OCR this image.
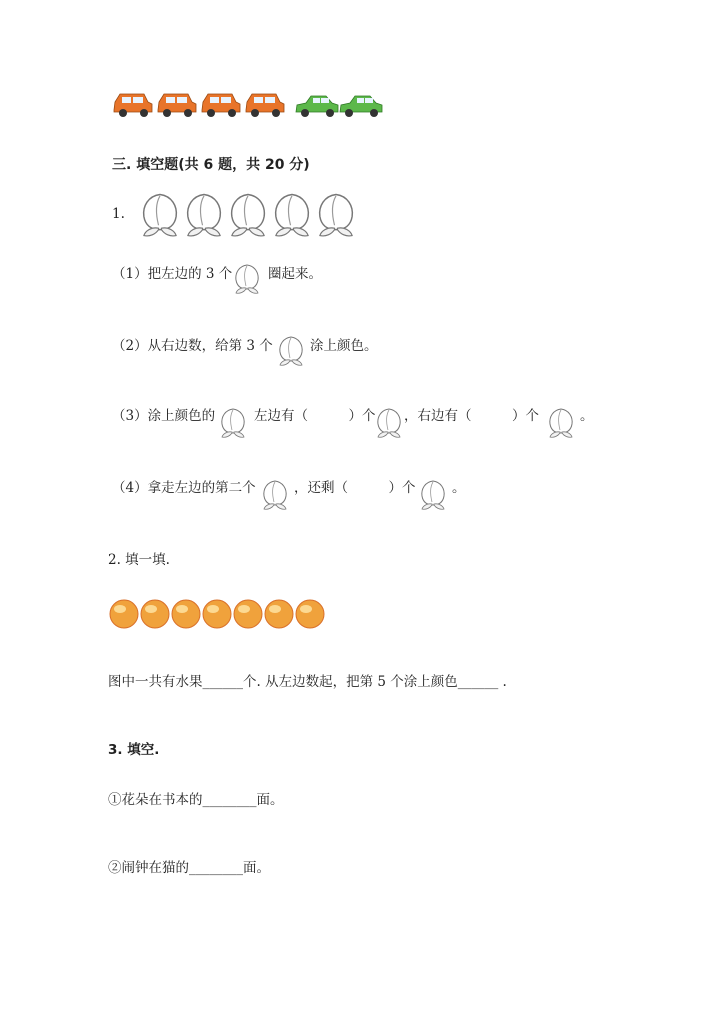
三. 填空题(共 6 题，共 20 分)
1.
（1）把左边的 3 个	圈起来。
（2）从右边数，给第 3 个	涂上颜色。
（3）涂上颜色的	左边有（　　　）个 ，右边有（　　　）个	。
（4）拿走左边的第二个	，还剩（　　　）个	。
2. 填一填.
图中一共有水果______个. 从左边数起，把第 5 个涂上颜色______ .
3. 填空.
①花朵在书本的________面。
②闹钟在猫的________面。
